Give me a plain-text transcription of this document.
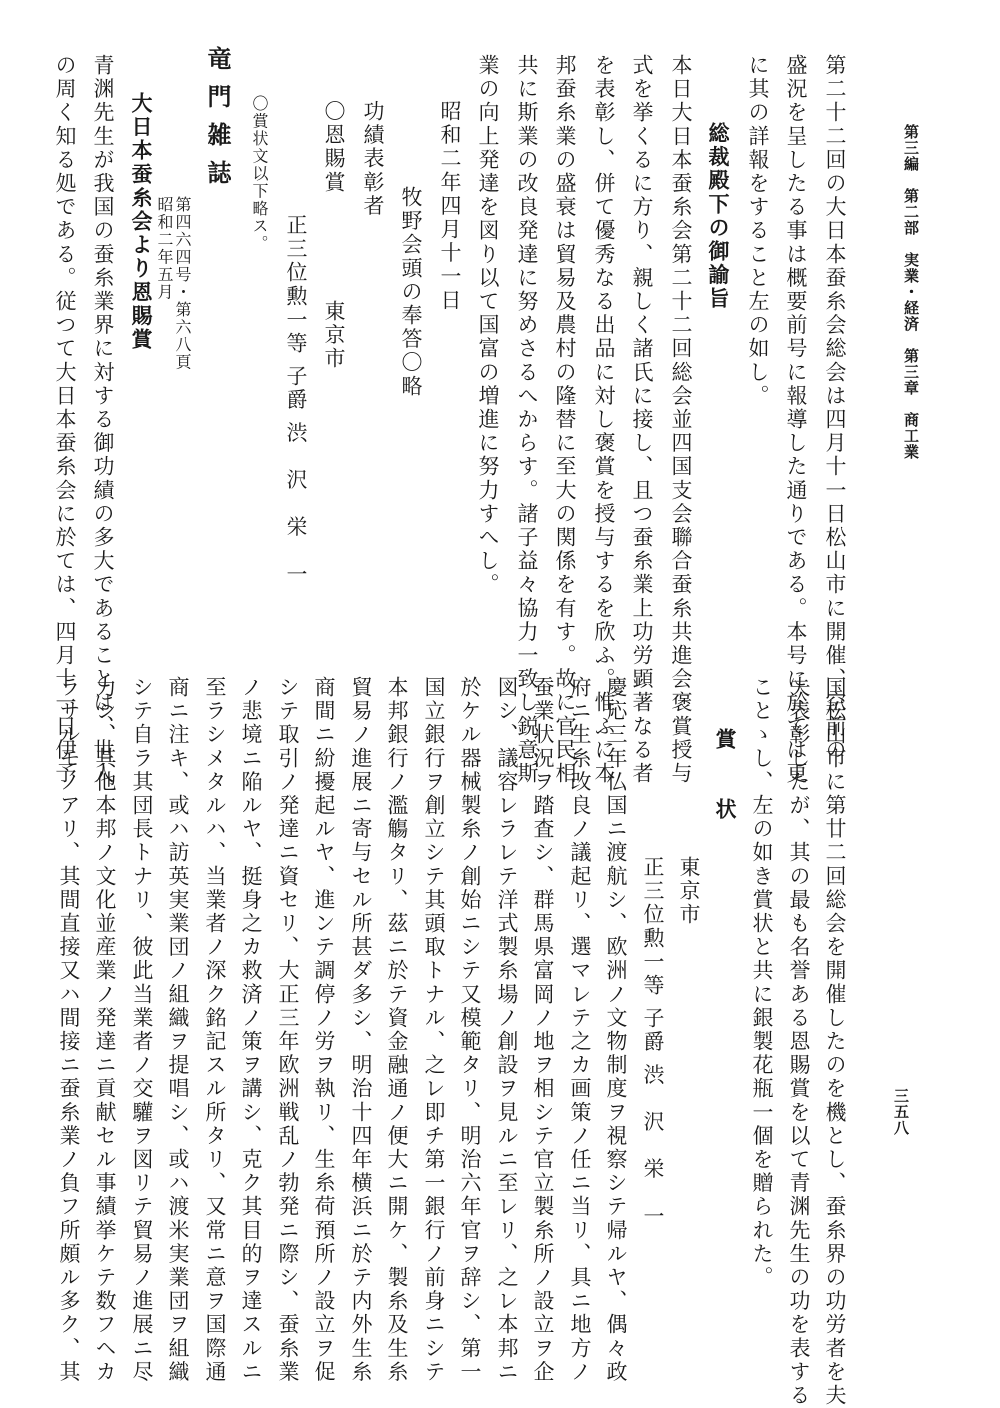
第三編　第二部　実業・経済　第三章　商工業
三五八
国松山市に第廿二回総会を開催したのを機とし、蚕糸界の功労者を夫
夫表彰したが、其の最も名誉ある恩賜賞を以て青渊先生の功を表する
ことゝし、左の如き賞状と共に銀製花瓶一個を贈られた。
賞　状
東京市
正三位勲一等 子爵 渋　沢　栄　一
慶応三年仏国ニ渡航シ、欧洲ノ文物制度ヲ視察シテ帰ルヤ、偶々政
府ニ生糸改良ノ議起リ、選マレテ之カ画策ノ任ニ当リ、具ニ地方ノ
蚕業状況ヲ踏査シ、群馬県富岡ノ地ヲ相シテ官立製糸所ノ設立ヲ企
図シ、議容レラレテ洋式製糸場ノ創設ヲ見ルニ至レリ、之レ本邦ニ
於ケル器械製糸ノ創始ニシテ又模範タリ、明治六年官ヲ辞シ、第一
国立銀行ヲ創立シテ其頭取トナル、之レ即チ第一銀行ノ前身ニシテ
本邦銀行ノ濫觴タリ、茲ニ於テ資金融通ノ便大ニ開ケ、製糸及生糸
貿易ノ進展ニ寄与セル所甚ダ多シ、明治十四年横浜ニ於テ内外生糸
商間ニ紛擾起ルヤ、進ンテ調停ノ労ヲ執リ、生糸荷預所ノ設立ヲ促
シテ取引ノ発達ニ資セリ、大正三年欧洲戦乱ノ勃発ニ際シ、蚕糸業
ノ悲境ニ陥ルヤ、挺身之カ救済ノ策ヲ講シ、克ク其目的ヲ達スルニ
至ラシメタルハ、当業者ノ深ク銘記スル所タリ、又常ニ意ヲ国際通
商ニ注キ、或ハ訪英実業団ノ組織ヲ提唱シ、或ハ渡米実業団ヲ組織
シテ自ラ其団長トナリ、彼此当業者ノ交驩ヲ図リテ貿易ノ進展ニ尽
力シ、其他本邦ノ文化並産業ノ発達ニ貢献セル事績挙ケテ数フヘカ
ラサルモノアリ、其間直接又ハ間接ニ蚕糸業ノ負フ所頗ル多ク、其
第二十二回の大日本蚕糸会総会は四月十一日松山市に開催、空前の
盛況を呈したる事は概要前号に報導した通りである。本号に於ては更
に其の詳報をすること左の如し。
総裁殿下の御諭旨
本日大日本蚕糸会第二十二回総会並四国支会聯合蚕糸共進会褒賞授与
式を挙くるに方り、親しく諸氏に接し、且つ蚕糸業上功労顕著なる者
を表彰し、併て優秀なる出品に対し褒賞を授与するを欣ふ。惟ふに本
邦蚕糸業の盛衰は貿易及農村の隆替に至大の関係を有す。故に官民相
共に斯業の改良発達に努めさるへからす。諸子益々協力一致し鋭意斯
業の向上発達を図り以て国富の増進に努力すへし。
昭和二年四月十一日
牧野会頭の奉答〇略
功績表彰者
〇恩賜賞
東京市
正三位勲一等 子爵 渋　沢　栄　一
〇賞状文以下略ス。
竜門雑誌
第四六四号・第六八頁
昭和二年五月
大日本蚕糸会より恩賜賞
青渊先生が我国の蚕糸業界に対する御功績の多大であることは、世人
の周く知る処である。従つて大日本蚕糸会に於ては、四月十一日伊予
